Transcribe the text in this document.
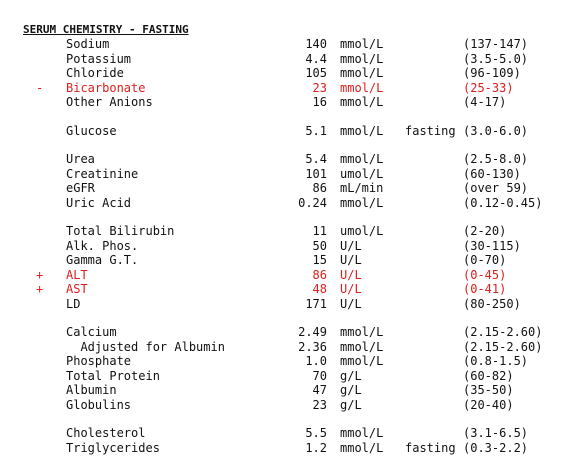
SERUM CHEMISTRY - FASTING
Sodium	140 mmol/L	(137-147)
Potassium	4.4 mmol/L	(3.5-5.0)
Chloride	105 mmol/L	(96-109)
-	Bicarbonate	23 mmol/L	(25-33)
Other Anions	16 mmol/L	(4-17)
Glucose	5.1 mmol/L fasting (3.0-6.0)
Urea	5.4 mmol/L	(2.5-8.0)
Creatinine	101 umol/L	(60-130)
eGFR	86 mL/min	(over 59)
Uric Acid	0.24 mmol/L	(0.12-0.45)
Total Bilirubin	11 umol/L	(2-20)
Alk. Phos.	50 U/L	(30-115)
Gamma G.T.	15 U/L	(0-70)
+	ALT	86 U/L	(0-45)
+	AST	48 U/L	(0-41)
LD	171 U/L	(80-250)
Calcium	2.49 mmol/L	(2.15-2.60)
Adjusted for Albumin	2.36 mmol/L	(2.15-2.60)
Phosphate	1.0 mmol/L	(0.8-1.5)
Total Protein	70 g/L	(60-82)
Albumin	47 g/L	(35-50)
Globulins	23 g/L	(20-40)
Cholesterol	5.5 mmol/L	(3.1-6.5)
Triglycerides	1.2 mmol/L fasting (0.3-2.2)
